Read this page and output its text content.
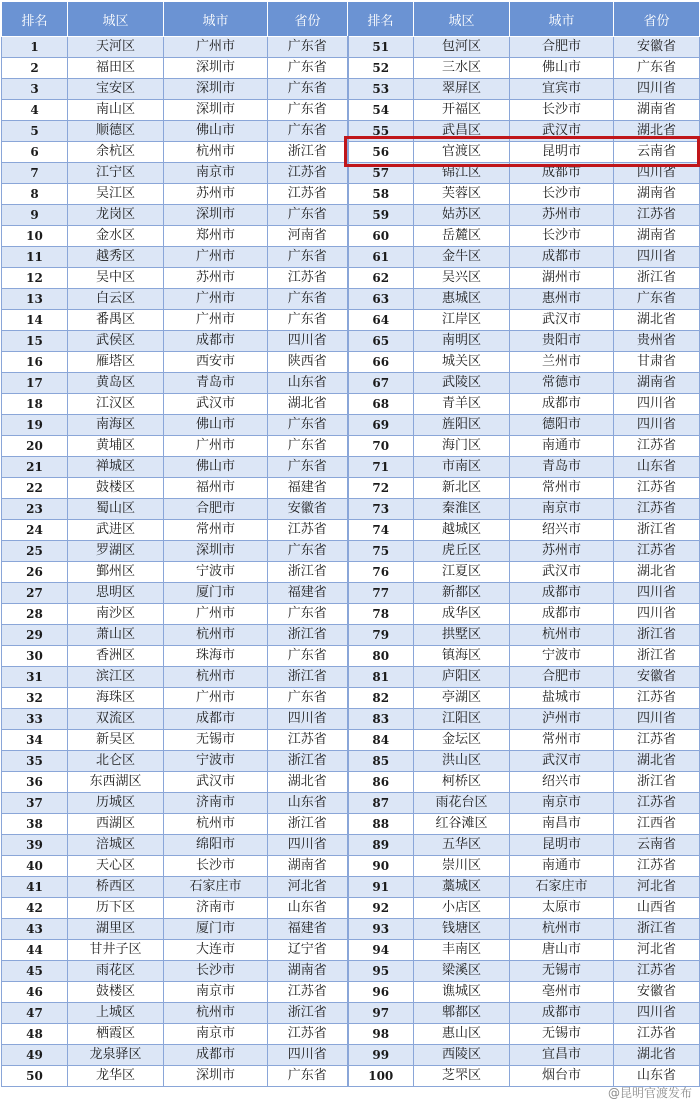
排名	城区	城市	省份	排名	城区	城市	省份
1	天河区	广州市	广东省	51	包河区	合肥市	安徽省
2	福田区	深圳市	广东省	52	三水区	佛山市	广东省
3	宝安区	深圳市	广东省	53	翠屏区	宜宾市	四川省
4	南山区	深圳市	广东省	54	开福区	长沙市	湖南省
5	顺德区	佛山市	广东省	55	武昌区	武汉市	湖北省
6	余杭区	杭州市	浙江省	56	官渡区	昆明市	云南省
7	江宁区	南京市	江苏省	57	锦江区	成都市	四川省
8	吴江区	苏州市	江苏省	58	芙蓉区	长沙市	湖南省
9	龙岗区	深圳市	广东省	59	姑苏区	苏州市	江苏省
10	金水区	郑州市	河南省	60	岳麓区	长沙市	湖南省
11	越秀区	广州市	广东省	61	金牛区	成都市	四川省
12	吴中区	苏州市	江苏省	62	吴兴区	湖州市	浙江省
13	白云区	广州市	广东省	63	惠城区	惠州市	广东省
14	番禺区	广州市	广东省	64	江岸区	武汉市	湖北省
15	武侯区	成都市	四川省	65	南明区	贵阳市	贵州省
16	雁塔区	西安市	陕西省	66	城关区	兰州市	甘肃省
17	黄岛区	青岛市	山东省	67	武陵区	常德市	湖南省
18	江汉区	武汉市	湖北省	68	青羊区	成都市	四川省
19	南海区	佛山市	广东省	69	旌阳区	德阳市	四川省
20	黄埔区	广州市	广东省	70	海门区	南通市	江苏省
21	禅城区	佛山市	广东省	71	市南区	青岛市	山东省
22	鼓楼区	福州市	福建省	72	新北区	常州市	江苏省
23	蜀山区	合肥市	安徽省	73	秦淮区	南京市	江苏省
24	武进区	常州市	江苏省	74	越城区	绍兴市	浙江省
25	罗湖区	深圳市	广东省	75	虎丘区	苏州市	江苏省
26	鄞州区	宁波市	浙江省	76	江夏区	武汉市	湖北省
27	思明区	厦门市	福建省	77	新都区	成都市	四川省
28	南沙区	广州市	广东省	78	成华区	成都市	四川省
29	萧山区	杭州市	浙江省	79	拱墅区	杭州市	浙江省
30	香洲区	珠海市	广东省	80	镇海区	宁波市	浙江省
31	滨江区	杭州市	浙江省	81	庐阳区	合肥市	安徽省
32	海珠区	广州市	广东省	82	亭湖区	盐城市	江苏省
33	双流区	成都市	四川省	83	江阳区	泸州市	四川省
34	新吴区	无锡市	江苏省	84	金坛区	常州市	江苏省
35	北仑区	宁波市	浙江省	85	洪山区	武汉市	湖北省
36	东西湖区	武汉市	湖北省	86	柯桥区	绍兴市	浙江省
37	历城区	济南市	山东省	87	雨花台区	南京市	江苏省
38	西湖区	杭州市	浙江省	88	红谷滩区	南昌市	江西省
39	涪城区	绵阳市	四川省	89	五华区	昆明市	云南省
40	天心区	长沙市	湖南省	90	崇川区	南通市	江苏省
41	桥西区	石家庄市	河北省	91	藁城区	石家庄市	河北省
42	历下区	济南市	山东省	92	小店区	太原市	山西省
43	湖里区	厦门市	福建省	93	钱塘区	杭州市	浙江省
44	甘井子区	大连市	辽宁省	94	丰南区	唐山市	河北省
45	雨花区	长沙市	湖南省	95	梁溪区	无锡市	江苏省
46	鼓楼区	南京市	江苏省	96	谯城区	亳州市	安徽省
47	上城区	杭州市	浙江省	97	郫都区	成都市	四川省
48	栖霞区	南京市	江苏省	98	惠山区	无锡市	江苏省
49	龙泉驿区	成都市	四川省	99	西陵区	宜昌市	湖北省
50	龙华区	深圳市	广东省	100	芝罘区	烟台市	山东省
@昆明官渡发布
